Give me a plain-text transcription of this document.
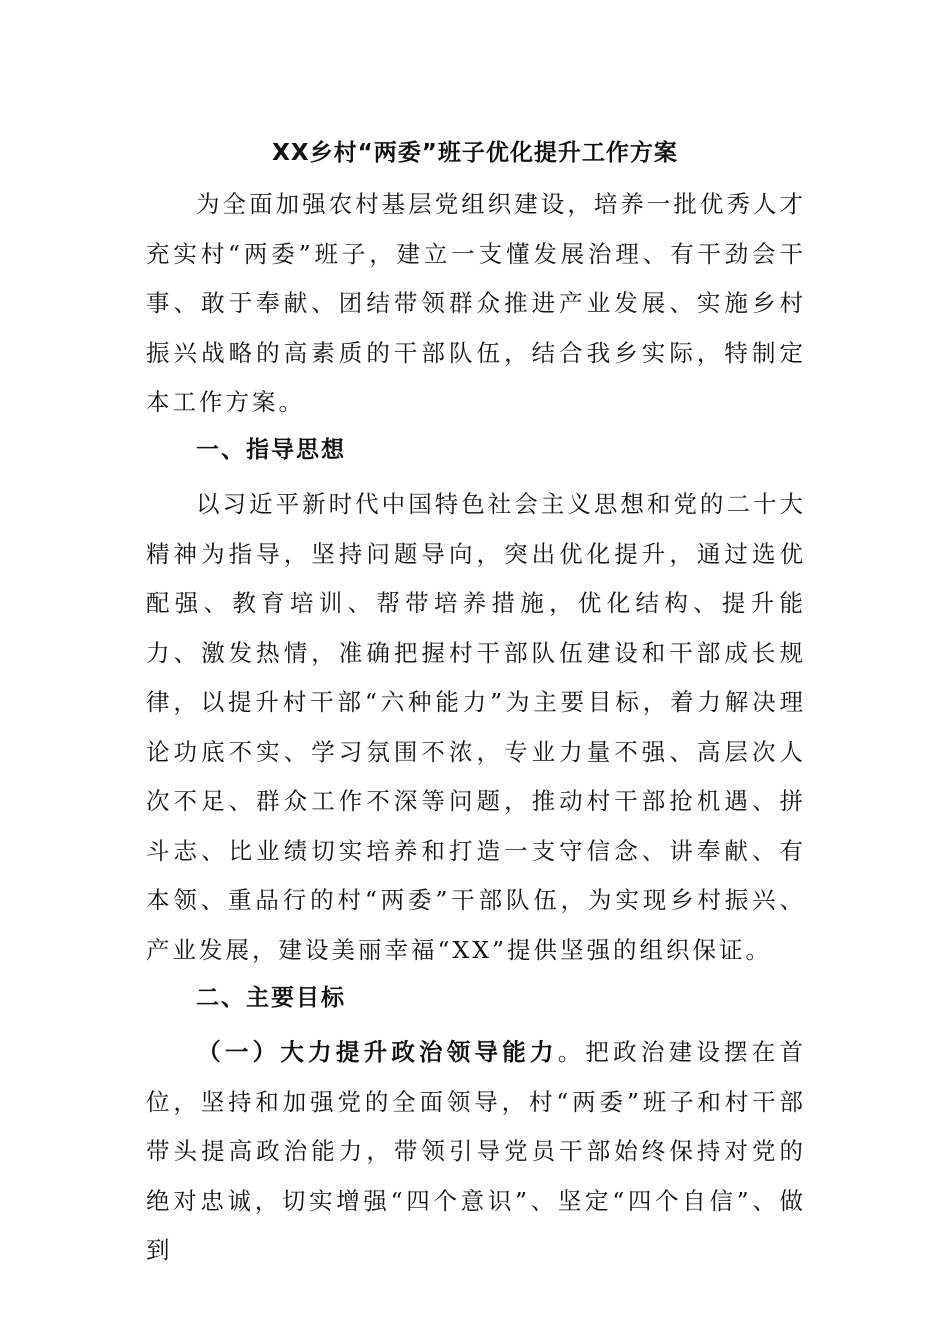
XX乡村“两委”班子优化提升工作方案
为全面加强农村基层党组织建设，培养一批优秀人才充实村“两委”班子，建立一支懂发展治理、有干劲会干事、敢于奉献、团结带领群众推进产业发展、实施乡村振兴战略的高素质的干部队伍，结合我乡实际，特制定本工作方案。
一、指导思想
以习近平新时代中国特色社会主义思想和党的二十大精神为指导，坚持问题导向，突出优化提升，通过选优配强、教育培训、帮带培养措施，优化结构、提升能力、激发热情，准确把握村干部队伍建设和干部成长规律，以提升村干部“六种能力”为主要目标，着力解决理论功底不实、学习氛围不浓，专业力量不强、高层次人次不足、群众工作不深等问题，推动村干部抢机遇、拼斗志、比业绩切实培养和打造一支守信念、讲奉献、有本领、重品行的村“两委”干部队伍，为实现乡村振兴、产业发展，建设美丽幸福“XX”提供坚强的组织保证。
二、主要目标
（一）大力提升政治领导能力。把政治建设摆在首位，坚持和加强党的全面领导，村“两委”班子和村干部带头提高政治能力，带领引导党员干部始终保持对党的绝对忠诚，切实增强“四个意识”、坚定“四个自信”、做到
